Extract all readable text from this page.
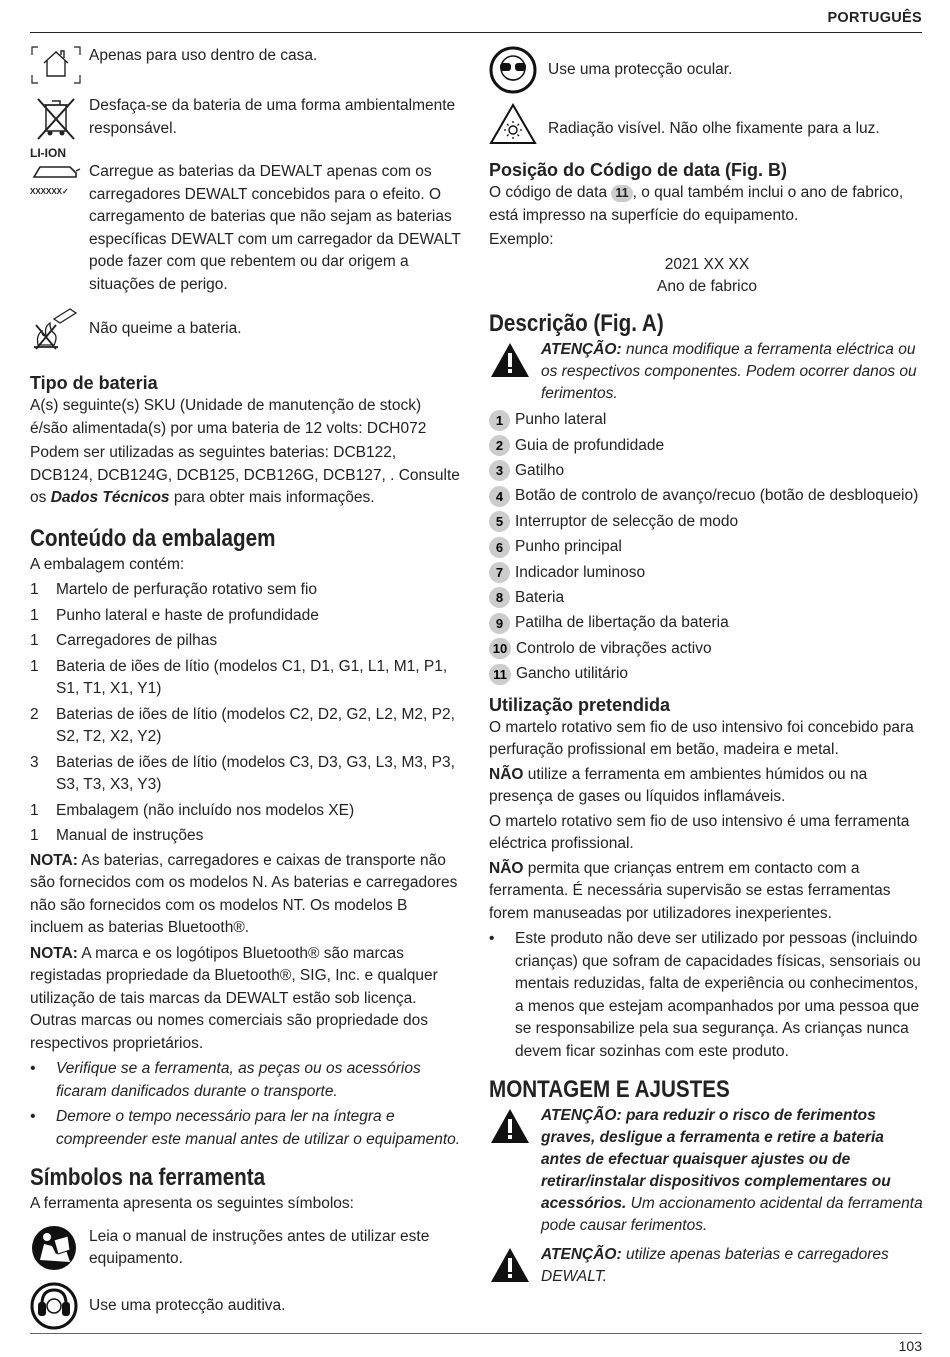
PORTUGUÊS
Apenas para uso dentro de casa.
LI-ION
Desfaça-se da bateria de uma forma ambientalmente responsável.
XXXXXX✓
Carregue as baterias da DEWALT apenas com os carregadores DEWALT concebidos para o efeito. O carregamento de baterias que não sejam as baterias específicas DEWALT com um carregador da DEWALT pode fazer com que rebentem ou dar origem a situações de perigo.
Não queime a bateria.
Tipo de bateria

A(s) seguinte(s) SKU (Unidade de manutenção de stock) é/são alimentada(s) por uma bateria de 12 volts: DCH072

Podem ser utilizadas as seguintes baterias: DCB122, DCB124, DCB124G, DCB125, DCB126G, DCB127, . Consulte os Dados Técnicos para obter mais informações.

Conteúdo da embalagem

A embalagem contém:

1	Martelo de perfuração rotativo sem fio
1	Punho lateral e haste de profundidade
1	Carregadores de pilhas
1	Bateria de iões de lítio (modelos C1, D1, G1, L1, M1, P1, S1, T1, X1, Y1)
2	Baterias de iões de lítio (modelos C2, D2, G2, L2, M2, P2, S2, T2, X2, Y2)
3	Baterias de iões de lítio (modelos C3, D3, G3, L3, M3, P3, S3, T3, X3, Y3)
1	Embalagem (não incluído nos modelos XE)
1	Manual de instruções

NOTA: As baterias, carregadores e caixas de transporte não são fornecidos com os modelos N. As baterias e carregadores não são fornecidos com os modelos NT. Os modelos B incluem as baterias Bluetooth®.

NOTA: A marca e os logótipos Bluetooth® são marcas registadas propriedade da Bluetooth®, SIG, Inc. e qualquer utilização de tais marcas da DEWALT estão sob licença. Outras marcas ou nomes comerciais são propriedade dos respectivos proprietários.

•	Verifique se a ferramenta, as peças ou os acessórios ficaram danificados durante o transporte.
•	Demore o tempo necessário para ler na íntegra e compreender este manual antes de utilizar o equipamento.
Símbolos na ferramenta

A ferramenta apresenta os seguintes símbolos:

Leia o manual de instruções antes de utilizar este equipamento.
Use uma protecção auditiva.
Use uma protecção ocular.
Radiação visível. Não olhe fixamente para a luz.
Posição do Código de data (Fig. B)

O código de data 11 , o qual também inclui o ano de fabrico, está impresso na superfície do equipamento.

Exemplo:

2021 XX XX

Ano de fabrico

Descrição (Fig. A)
ATENÇÃO: nunca modifique a ferramenta eléctrica ou os respectivos componentes. Podem ocorrer danos ou ferimentos.
1 Punho lateral
2 Guia de profundidade
3 Gatilho
4 Botão de controlo de avanço/recuo (botão de desbloqueio)
5 Interruptor de selecção de modo
6 Punho principal
7 Indicador luminoso
8 Bateria
9 Patilha de libertação da bateria
10 Controlo de vibrações activo
11 Gancho utilitário
Utilização pretendida

O martelo rotativo sem fio de uso intensivo foi concebido para perfuração profissional em betão, madeira e metal.

NÃO utilize a ferramenta em ambientes húmidos ou na presença de gases ou líquidos inflamáveis.

O martelo rotativo sem fio de uso intensivo é uma ferramenta eléctrica profissional.

NÃO permita que crianças entrem em contacto com a ferramenta. É necessária supervisão se estas ferramentas forem manuseadas por utilizadores inexperientes.

•	Este produto não deve ser utilizado por pessoas (incluindo crianças) que sofram de capacidades físicas, sensoriais ou mentais reduzidas, falta de experiência ou conhecimentos, a menos que estejam acompanhados por uma pessoa que se responsabilize pela sua segurança. As crianças nunca devem ficar sozinhas com este produto.
MONTAGEM E AJUSTES
ATENÇÃO: para reduzir o risco de ferimentos graves, desligue a ferramenta e retire a bateria antes de efectuar quaisquer ajustes ou de retirar/instalar dispositivos complementares ou acessórios. Um accionamento acidental da ferramenta pode causar ferimentos.
ATENÇÃO: utilize apenas baterias e carregadores DEWALT.
103
